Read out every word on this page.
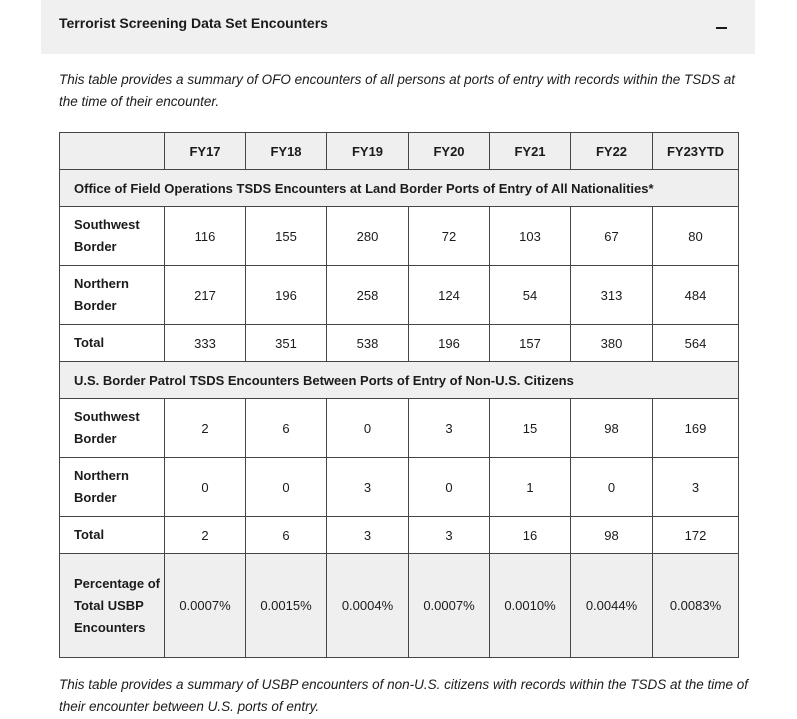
Terrorist Screening Data Set Encounters
This table provides a summary of OFO encounters of all persons at ports of entry with records within the TSDS at the time of their encounter.
	FY17	FY18	FY19	FY20	FY21	FY22	FY23YTD
Office of Field Operations TSDS Encounters at Land Border Ports of Entry of All Nationalities*							
Southwest Border	116	155	280	72	103	67	80
Northern Border	217	196	258	124	54	313	484
Total	333	351	538	196	157	380	564
U.S. Border Patrol TSDS Encounters Between Ports of Entry of Non-U.S. Citizens							
Southwest Border	2	6	0	3	15	98	169
Northern Border	0	0	3	0	1	0	3
Total	2	6	3	3	16	98	172
Percentage of Total USBP Encounters	0.0007%	0.0015%	0.0004%	0.0007%	0.0010%	0.0044%	0.0083%
This table provides a summary of USBP encounters of non-U.S. citizens with records within the TSDS at the time of their encounter between U.S. ports of entry.
